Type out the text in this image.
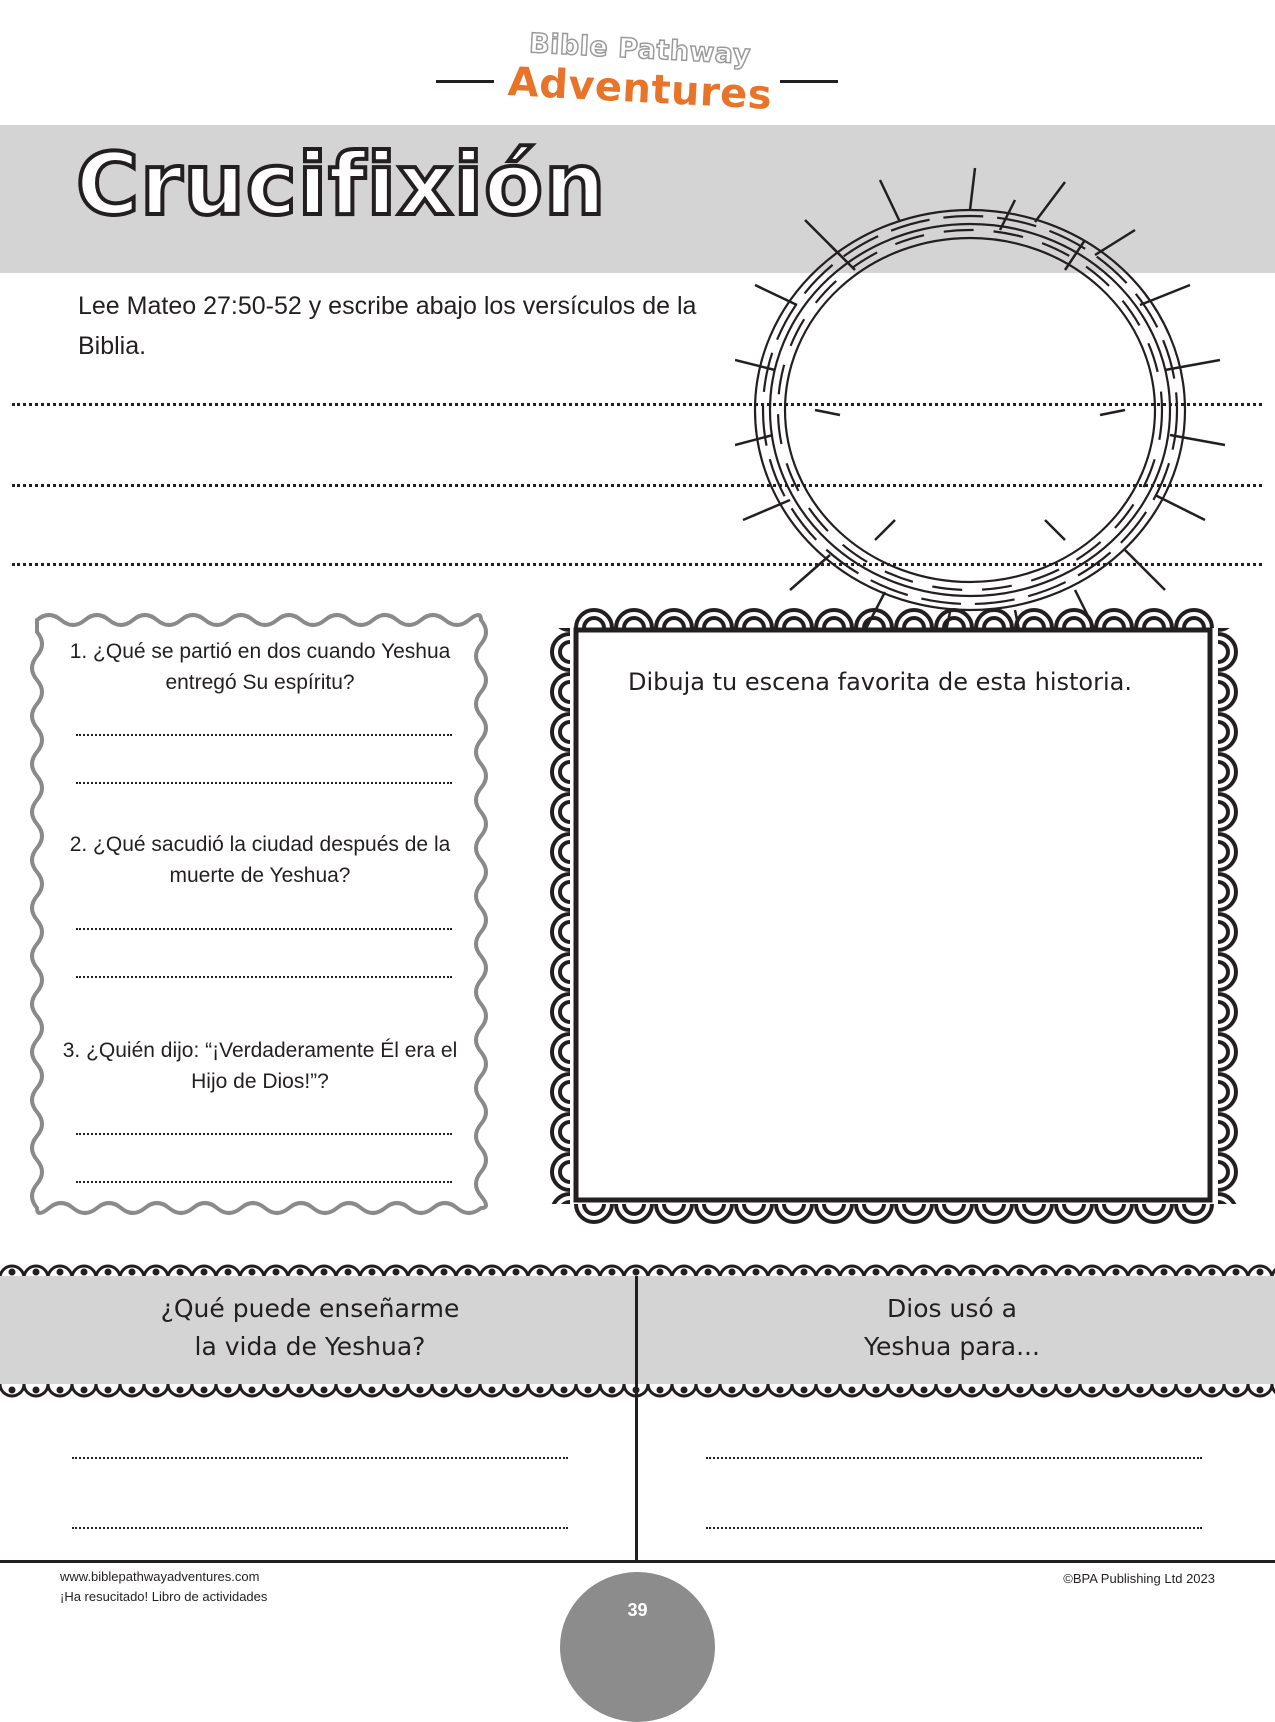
Bible Pathway
Adventures
Crucifixión
Lee Mateo 27:50-52 y escribe abajo los versículos de la Biblia.
1. ¿Qué se partió en dos cuando Yeshua entregó Su espíritu?
2. ¿Qué sacudió la ciudad después de la muerte de Yeshua?
3. ¿Quién dijo: “¡Verdaderamente Él era el Hijo de Dios!”?
Dibuja tu escena favorita de esta historia.
¿Qué puede enseñarme
la vida de Yeshua?
Dios usó a
Yeshua para...
www.biblepathwayadventures.com
¡Ha resucitado! Libro de actividades
©BPA Publishing Ltd 2023
39
